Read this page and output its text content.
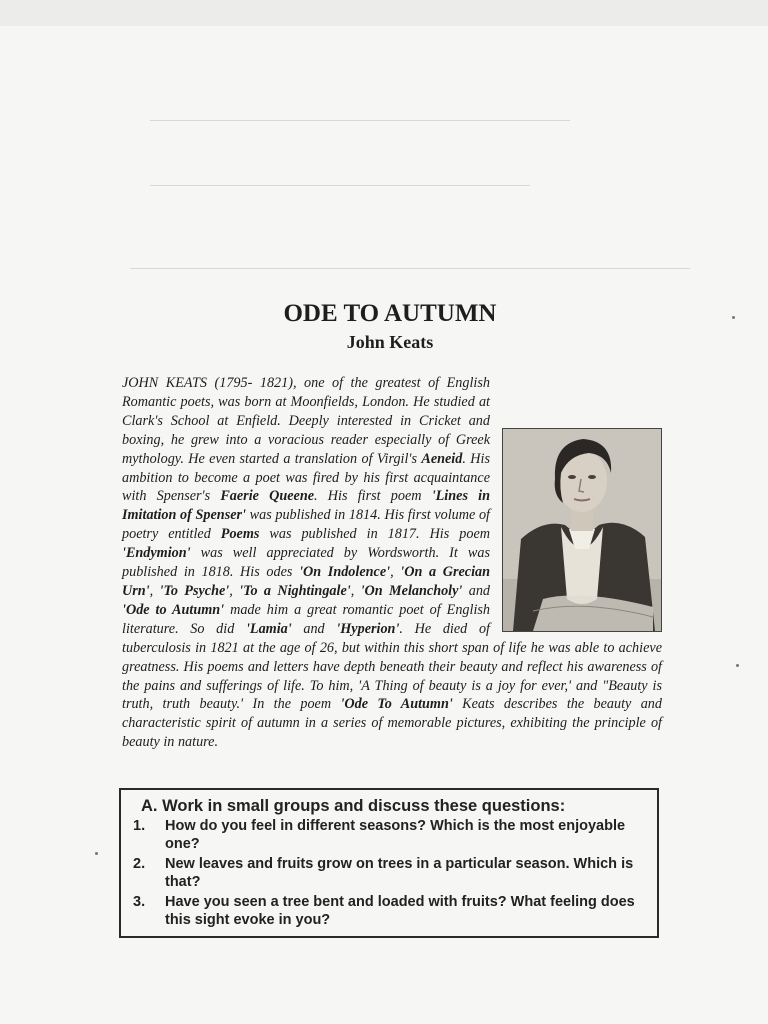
ODE TO AUTUMN
John Keats

JOHN KEATS (1795- 1821), one of the greatest of English Romantic poets, was born at Moonfields, London. He studied at Clark's School at Enfield. Deeply interested in Cricket and boxing, he grew into a voracious reader especially of Greek mythology. He even started a translation of Virgil's Aeneid. His ambition to become a poet was fired by his first acquaintance with Spenser's Faerie Queene. His first poem 'Lines in Imitation of Spenser' was published in 1814. His first volume of poetry entitled Poems was published in 1817. His poem 'Endymion' was well appreciated by Wordsworth. It was published in 1818. His odes 'On Indolence', 'On a Grecian Urn', 'To Psyche', 'To a Nightingale', 'On Melancholy' and 'Ode to Autumn' made him a great romantic poet of English literature. So did 'Lamia' and 'Hyperion'. He died of tuberculosis in 1821 at the age of 26, but within this short span of life he was able to achieve greatness. His poems and letters have depth beneath their beauty and reflect his awareness of the pains and sufferings of life. To him, 'A Thing of beauty is a joy for ever,' and "Beauty is truth, truth beauty.' In the poem 'Ode To Autumn' Keats describes the beauty and characteristic spirit of autumn in a series of memorable pictures, exhibiting the principle of beauty in nature.

A. Work in small groups and discuss these questions:
1.	How do you feel in different seasons? Which is the most enjoyable one?
2.	New leaves and fruits grow on trees in a particular season. Which is that?
3.	Have you seen a tree bent and loaded with fruits? What feeling does this sight evoke in you?
